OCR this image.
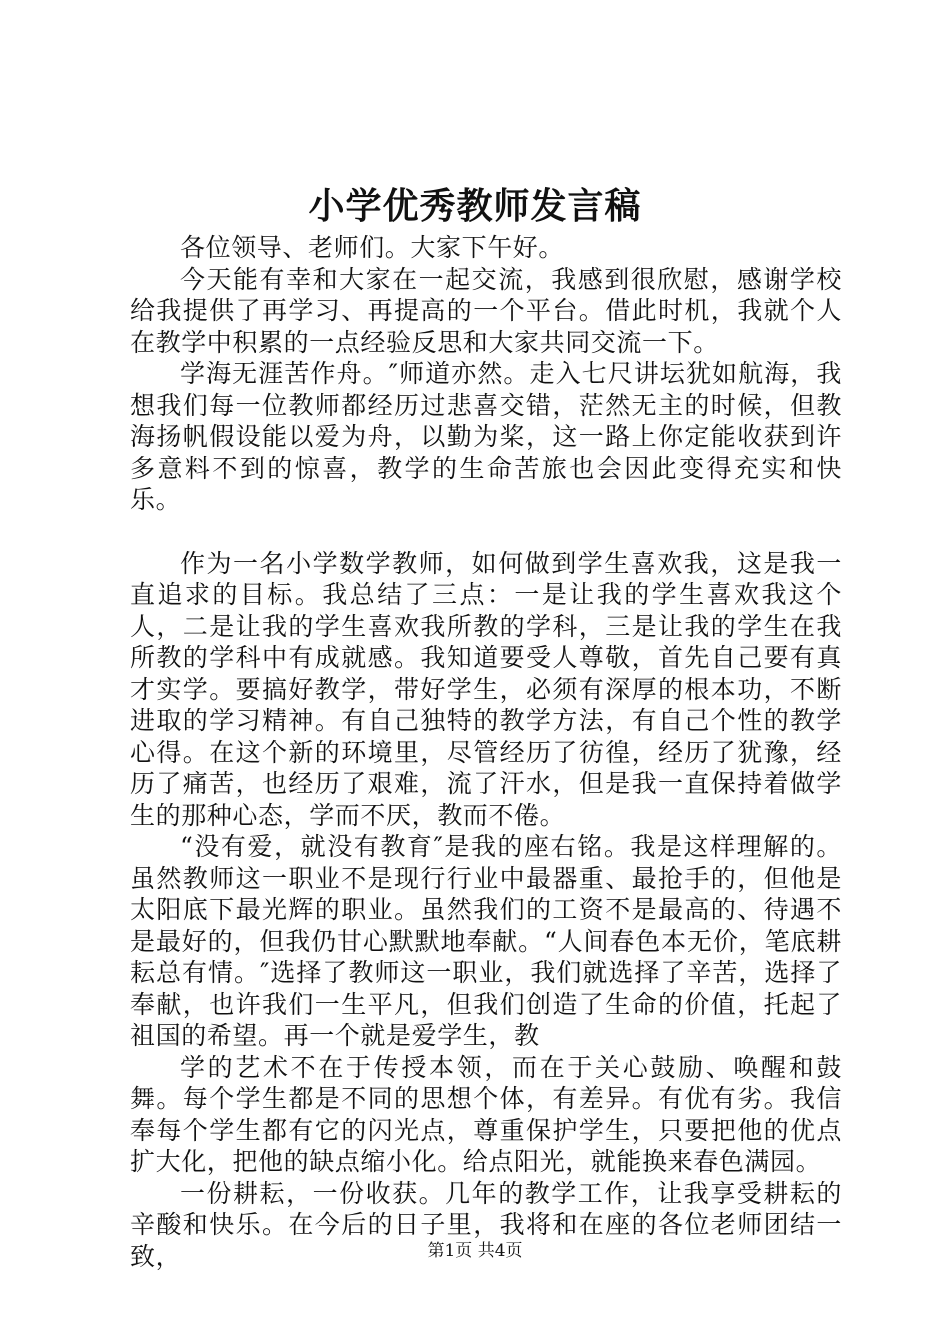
小学优秀教师发言稿

各位领导、老师们。大家下午好。

今天能有幸和大家在一起交流，我感到很欣慰，感谢学校给我提供了再学习、再提高的一个平台。借此时机，我就个人在教学中积累的一点经验反思和大家共同交流一下。

学海无涯苦作舟。″师道亦然。走入七尺讲坛犹如航海，我想我们每一位教师都经历过悲喜交错，茫然无主的时候，但教海扬帆假设能以爱为舟，以勤为桨，这一路上你定能收获到许多意料不到的惊喜，教学的生命苦旅也会因此变得充实和快乐。

作为一名小学数学教师，如何做到学生喜欢我，这是我一直追求的目标。我总结了三点：一是让我的学生喜欢我这个人，二是让我的学生喜欢我所教的学科，三是让我的学生在我所教的学科中有成就感。我知道要受人尊敬，首先自己要有真才实学。要搞好教学，带好学生，必须有深厚的根本功，不断进取的学习精神。有自己独特的教学方法，有自己个性的教学心得。在这个新的环境里，尽管经历了彷徨，经历了犹豫，经历了痛苦，也经历了艰难，流了汗水，但是我一直保持着做学生的那种心态，学而不厌，教而不倦。

“没有爱，就没有教育″是我的座右铭。我是这样理解的。虽然教师这一职业不是现行行业中最器重、最抢手的，但他是太阳底下最光辉的职业。虽然我们的工资不是最高的、待遇不是最好的，但我仍甘心默默地奉献。“人间春色本无价，笔底耕耘总有情。″选择了教师这一职业，我们就选择了辛苦，选择了奉献，也许我们一生平凡，但我们创造了生命的价值，托起了祖国的希望。再一个就是爱学生，教

学的艺术不在于传授本领，而在于关心鼓励、唤醒和鼓舞。每个学生都是不同的思想个体，有差异。有优有劣。我信奉每个学生都有它的闪光点，尊重保护学生，只要把他的优点扩大化，把他的缺点缩小化。给点阳光，就能换来春色满园。

一份耕耘，一份收获。几年的教学工作，让我享受耕耘的辛酸和快乐。在今后的日子里，我将和在座的各位老师团结一致，	第1页 共4页
